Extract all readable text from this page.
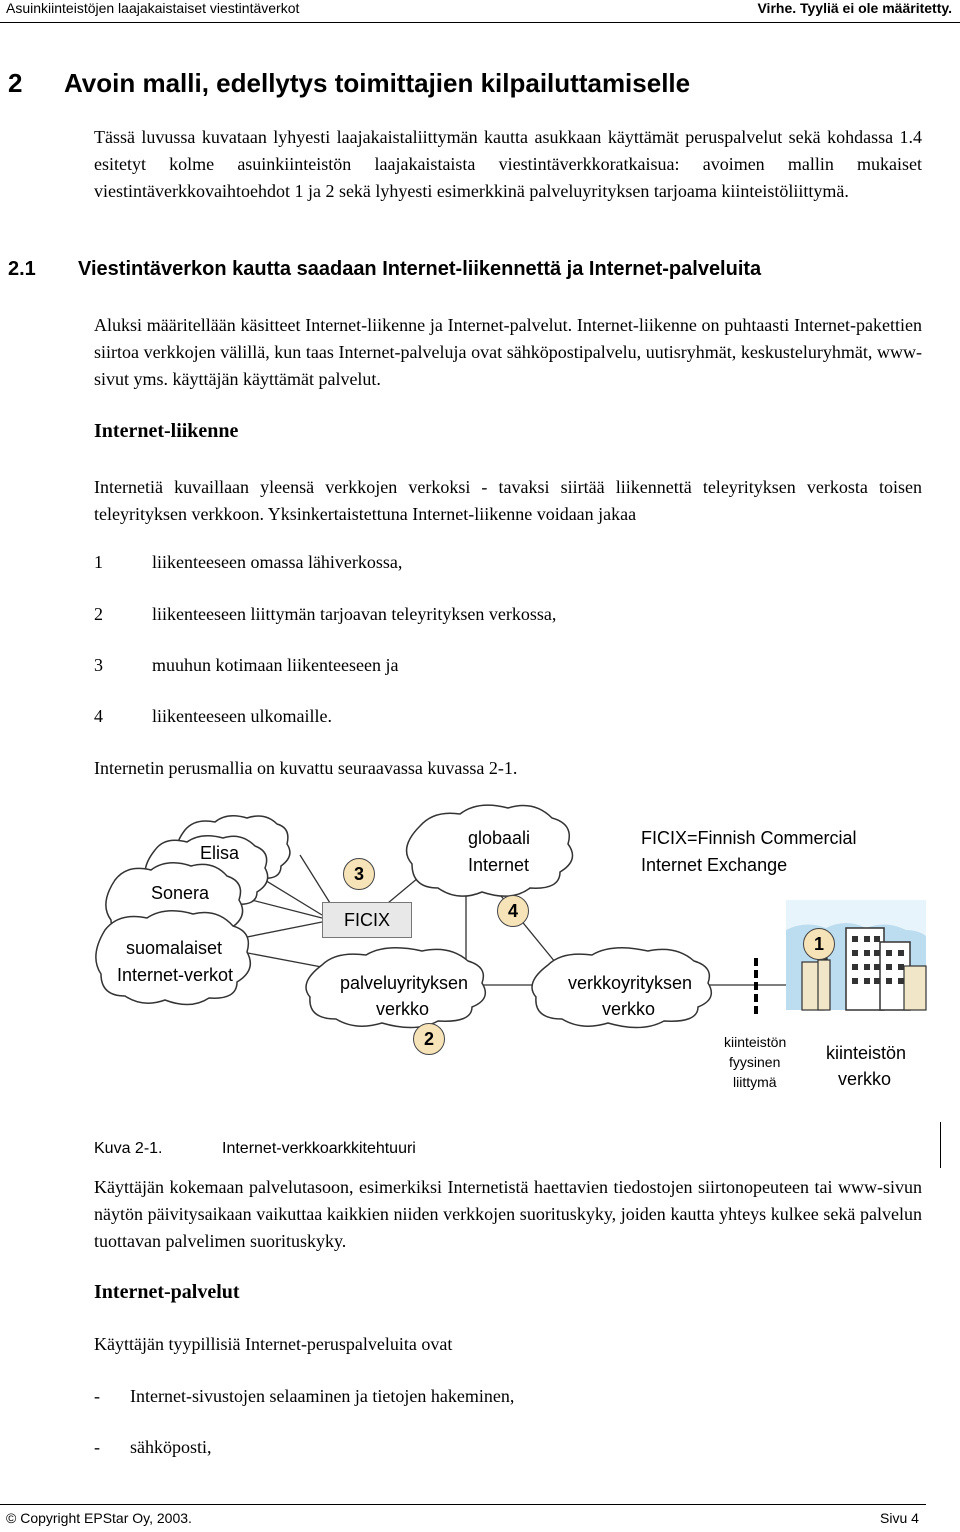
Asuinkiinteistöjen laajakaistaiset viestintäverkot	Virhe. Tyyliä ei ole määritetty.
2 Avoin malli, edellytys toimittajien kilpailuttamiselle
Tässä luvussa kuvataan lyhyesti laajakaistaliittymän kautta asukkaan käyttämät peruspalvelut sekä kohdassa 1.4 esitetyt kolme asuinkiinteistön laajakaistaista viestintäverkkoratkaisua: avoimen mallin mukaiset viestintäverkkovaihtoehdot 1 ja 2 sekä lyhyesti esimerkkinä palveluyrityksen tarjoama kiinteistöliittymä.
2.1 Viestintäverkon kautta saadaan Internet-liikennettä ja Internet-palveluita
Aluksi määritellään käsitteet Internet-liikenne ja Internet-palvelut. Internet-liikenne on puhtaasti Internet-pakettien siirtoa verkkojen välillä, kun taas Internet-palveluja ovat sähköpostipalvelu, uutisryhmät, keskusteluryhmät, www-sivut yms. käyttäjän käyttämät palvelut.
Internet-liikenne
Internetiä kuvaillaan yleensä verkkojen verkoksi - tavaksi siirtää liikennettä teleyrityksen verkosta toisen teleyrityksen verkkoon. Yksinkertaistettuna Internet-liikenne voidaan jakaa
1	liikenteeseen omassa lähiverkossa,
2	liikenteeseen liittymän tarjoavan teleyrityksen verkossa,
3	muuhun kotimaan liikenteeseen ja
4	liikenteeseen ulkomaille.
Internetin perusmallia on kuvattu seuraavassa kuvassa 2-1.
Elisa
Sonera
suomalaiset
Internet-verkot
3
FICIX
globaali
Internet
4
FICIX=Finnish Commercial
Internet Exchange
palveluyrityksen
verkko
2
verkkoyrityksen
verkko
1
kiinteistön
fyysinen
liittymä
kiinteistön
verkko
Kuva 2-1.	Internet-verkkoarkkitehtuuri
Käyttäjän kokemaan palvelutasoon, esimerkiksi Internetistä haettavien tiedostojen siirtonopeuteen tai www-sivun näytön päivitysaikaan vaikuttaa kaikkien niiden verkkojen suorituskyky, joiden kautta yhteys kulkee sekä palvelun tuottavan palvelimen suorituskyky.
Internet-palvelut
Käyttäjän tyypillisiä Internet-peruspalveluita ovat
- Internet-sivustojen selaaminen ja tietojen hakeminen,
- sähköposti,
© Copyright EPStar Oy, 2003.	Sivu 4
